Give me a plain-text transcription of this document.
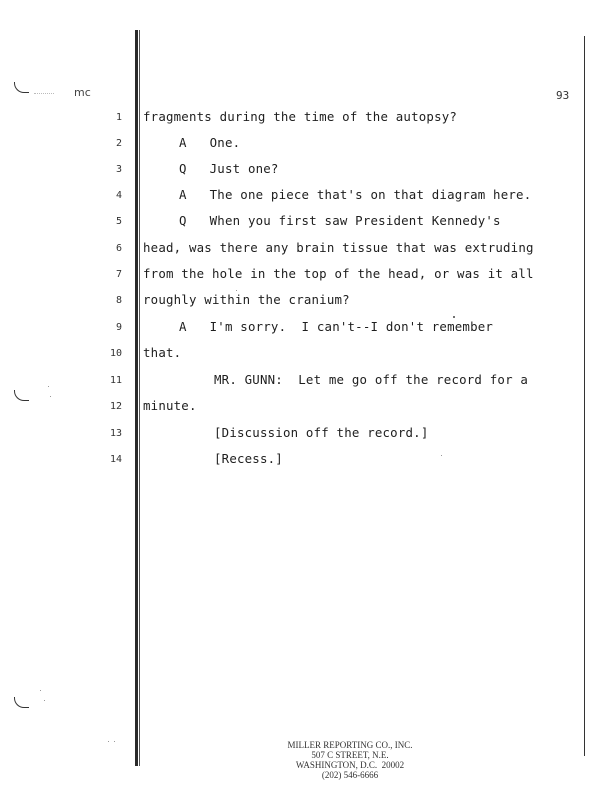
mc	93
1 fragments during the time of the autopsy?
2	A   One.
3	Q   Just one?
4	A   The one piece that's on that diagram here.
5	Q   When you first saw President Kennedy's
6 head, was there any brain tissue that was extruding
7 from the hole in the top of the head, or was it all
8 roughly within the cranium?
9	A   I'm sorry.  I can't--I don't remember
10 that.
11	MR. GUNN:  Let me go off the record for a
12 minute.
13	[Discussion off the record.]
14	[Recess.]
MILLER REPORTING CO., INC.
507 C STREET, N.E.
WASHINGTON, D.C.  20002
(202) 546-6666
